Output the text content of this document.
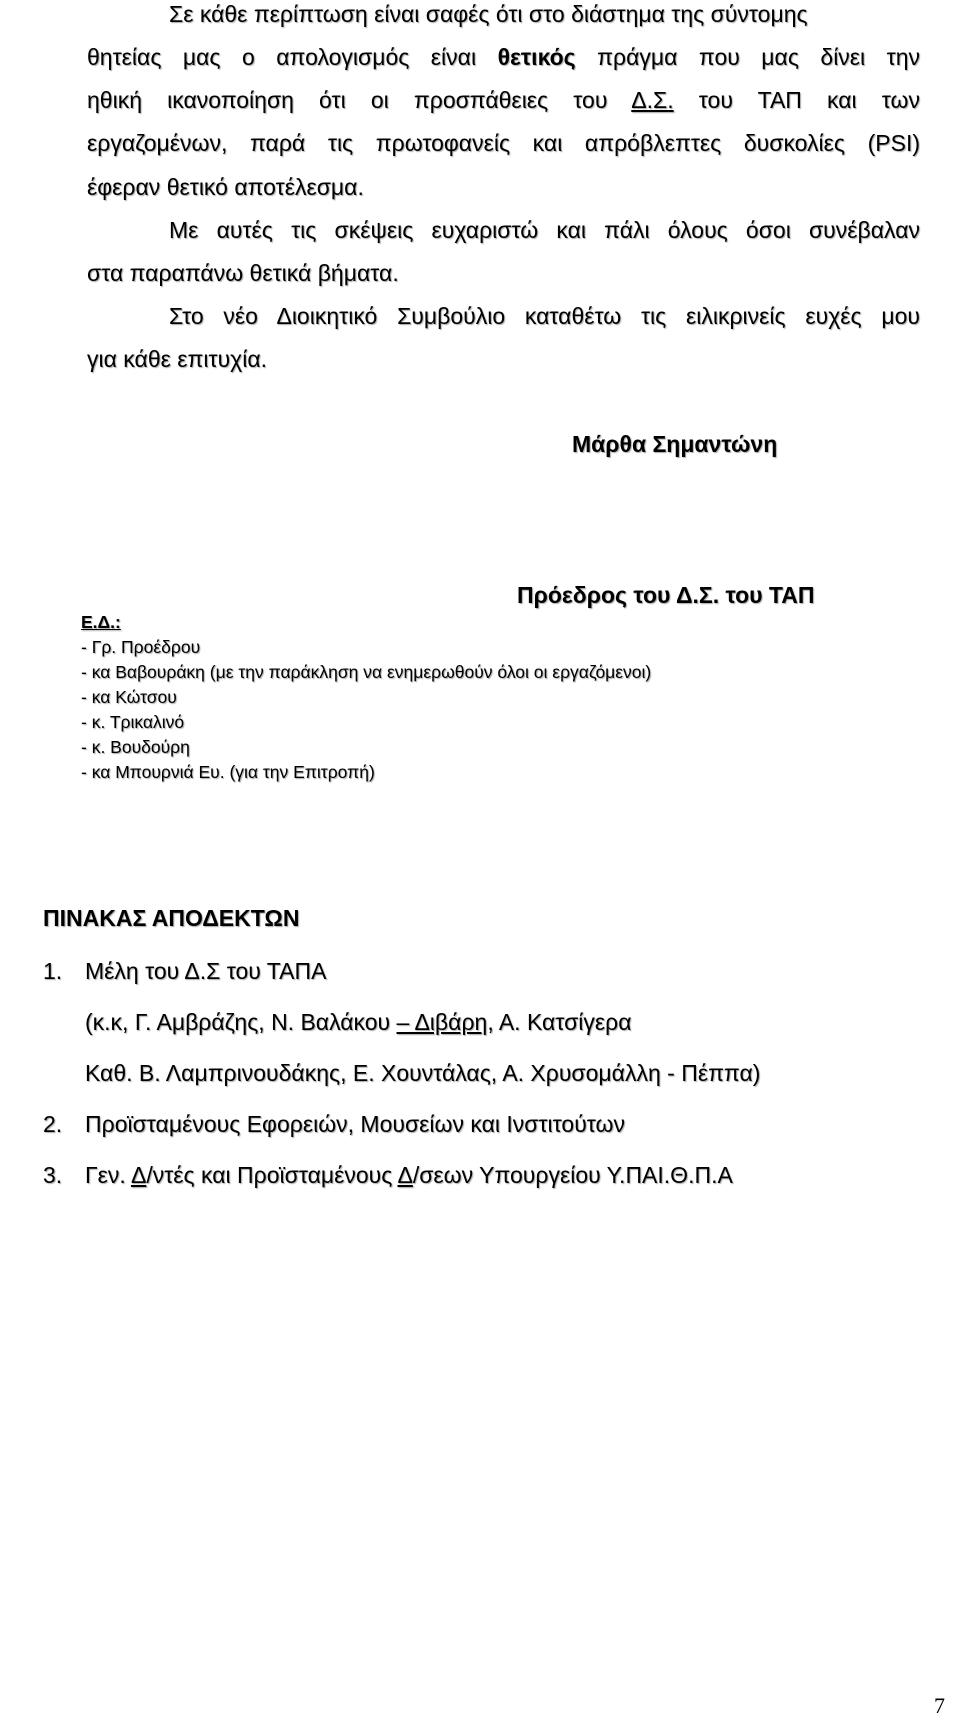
Σε κάθε περίπτωση είναι σαφές ότι στο διάστημα της σύντομης
θητείας μας ο απολογισμός είναι θετικός πράγμα που μας δίνει την
ηθική ικανοποίηση ότι οι προσπάθειες του Δ.Σ. του ΤΑΠ και των
εργαζομένων, παρά τις πρωτοφανείς και απρόβλεπτες δυσκολίες (PSI)
έφεραν θετικό αποτέλεσμα.
Με αυτές τις σκέψεις ευχαριστώ και πάλι όλους όσοι συνέβαλαν
στα παραπάνω θετικά βήματα.
Στο νέο Διοικητικό Συμβούλιο καταθέτω τις ειλικρινείς ευχές μου
για κάθε επιτυχία.
Μάρθα Σημαντώνη
Πρόεδρος του Δ.Σ. του ΤΑΠ
Ε.Δ.:
- Γρ. Προέδρου
- κα Βαβουράκη (με την παράκληση να ενημερωθούν όλοι οι εργαζόμενοι)
- κα Κώτσου
- κ. Τρικαλινό
- κ. Βουδούρη
- κα Μπουρνιά Ευ. (για την Επιτροπή)
ΠΙΝΑΚΑΣ ΑΠΟΔΕΚΤΩΝ
1. Μέλη του Δ.Σ του ΤΑΠΑ
(κ.κ, Γ. Αμβράζης, Ν. Βαλάκου – Διβάρη, Α. Κατσίγερα
Καθ. Β. Λαμπρινουδάκης, Ε. Χουντάλας, Α. Χρυσομάλλη - Πέππα)
2. Προϊσταμένους Εφορειών, Μουσείων και Ινστιτούτων
3. Γεν. Δ/ντές και Προϊσταμένους Δ/σεων Υπουργείου Υ.ΠΑΙ.Θ.Π.Α
7
